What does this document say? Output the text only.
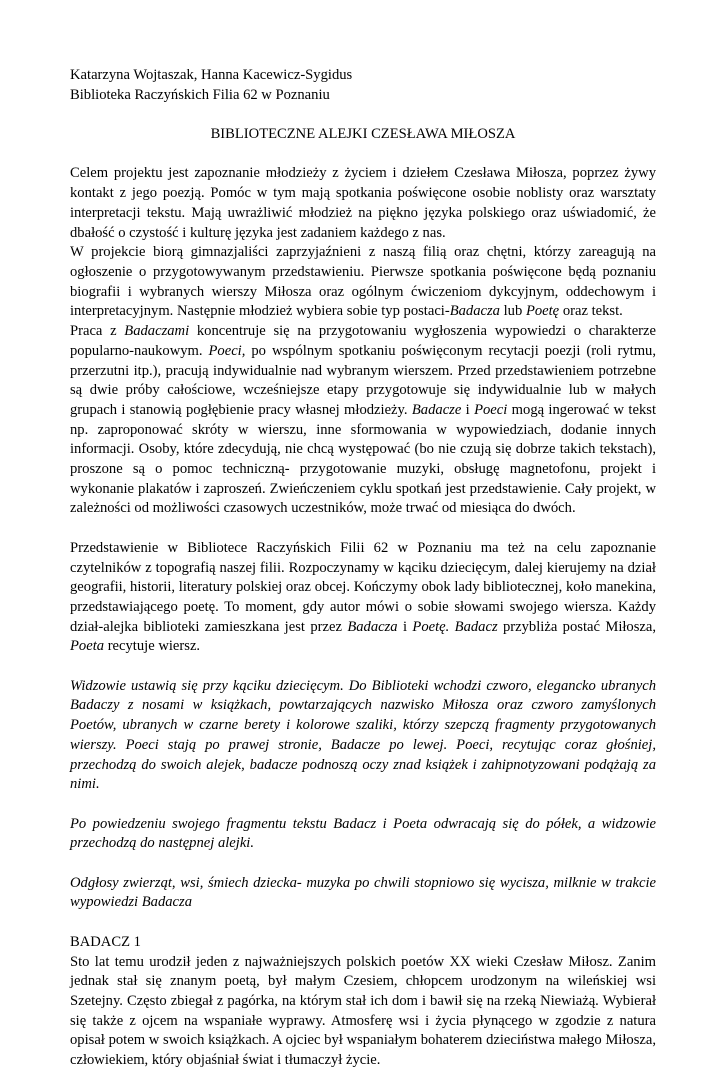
Katarzyna Wojtaszak, Hanna Kacewicz-Sygidus

Biblioteka Raczyńskich Filia 62 w Poznaniu

BIBLIOTECZNE ALEJKI CZESŁAWA MIŁOSZA

Celem projektu jest zapoznanie młodzieży z życiem i dziełem Czesława Miłosza, poprzez żywy kontakt z jego poezją. Pomóc w tym mają spotkania poświęcone osobie noblisty oraz warsztaty interpretacji tekstu. Mają uwrażliwić młodzież na piękno języka polskiego oraz uświadomić, że dbałość o czystość i kulturę języka jest zadaniem każdego z nas.

W projekcie biorą gimnazjaliści zaprzyjaźnieni z naszą filią oraz chętni, którzy zareagują na ogłoszenie o przygotowywanym przedstawieniu. Pierwsze spotkania poświęcone będą poznaniu biografii i wybranych wierszy Miłosza oraz ogólnym ćwiczeniom dykcyjnym, oddechowym i interpretacyjnym. Następnie młodzież wybiera sobie typ postaci-Badacza lub Poetę oraz tekst.

Praca z Badaczami koncentruje się na przygotowaniu wygłoszenia wypowiedzi o charakterze popularno-naukowym. Poeci, po wspólnym spotkaniu poświęconym recytacji poezji (roli rytmu, przerzutni itp.), pracują indywidualnie nad wybranym wierszem. Przed przedstawieniem potrzebne są dwie próby całościowe, wcześniejsze etapy przygotowuje się indywidualnie lub w małych grupach i stanowią pogłębienie pracy własnej młodzieży. Badacze i Poeci mogą ingerować w tekst np. zaproponować skróty w wierszu, inne sformowania w wypowiedziach, dodanie innych informacji. Osoby, które zdecydują, nie chcą występować (bo nie czują się dobrze takich tekstach), proszone są o pomoc techniczną- przygotowanie muzyki, obsługę magnetofonu, projekt i wykonanie plakatów i zaproszeń. Zwieńczeniem cyklu spotkań jest przedstawienie. Cały projekt, w zależności od możliwości czasowych uczestników, może trwać od miesiąca do dwóch.

Przedstawienie w Bibliotece Raczyńskich Filii 62 w Poznaniu ma też na celu zapoznanie czytelników z topografią naszej filii. Rozpoczynamy w kąciku dziecięcym, dalej kierujemy na dział geografii, historii, literatury polskiej oraz obcej. Kończymy obok lady bibliotecznej, koło manekina, przedstawiającego poetę. To moment, gdy autor mówi o sobie słowami swojego wiersza. Każdy dział-alejka biblioteki zamieszkana jest przez Badacza i Poetę. Badacz przybliża postać Miłosza, Poeta recytuje wiersz.

Widzowie ustawią się przy kąciku dziecięcym. Do Biblioteki wchodzi czworo, elegancko ubranych Badaczy z nosami w książkach, powtarzających nazwisko Miłosza oraz czworo zamyślonych Poetów, ubranych w czarne berety i kolorowe szaliki, którzy szepczą fragmenty przygotowanych wierszy. Poeci stają po prawej stronie, Badacze po lewej. Poeci, recytując coraz głośniej, przechodzą do swoich alejek, badacze podnoszą oczy znad książek i zahipnotyzowani podążają za nimi.

Po powiedzeniu swojego fragmentu tekstu Badacz i Poeta odwracają się do półek, a widzowie przechodzą do następnej alejki.

Odgłosy zwierząt, wsi, śmiech dziecka- muzyka po chwili stopniowo się wycisza, milknie w trakcie wypowiedzi Badacza

BADACZ 1

Sto lat temu urodził jeden z najważniejszych polskich poetów XX wieki Czesław Miłosz. Zanim jednak stał się znanym poetą, był małym Czesiem, chłopcem urodzonym na wileńskiej wsi Szetejny. Często zbiegał z pagórka, na którym stał ich dom i bawił się na rzeką Niewiażą. Wybierał się także z ojcem na wspaniałe wyprawy. Atmosferę wsi i życia płynącego w zgodzie z natura opisał potem w swoich książkach. A ojciec był wspaniałym bohaterem dzieciństwa małego Miłosza, człowiekiem, który objaśniał świat i tłumaczył życie.
